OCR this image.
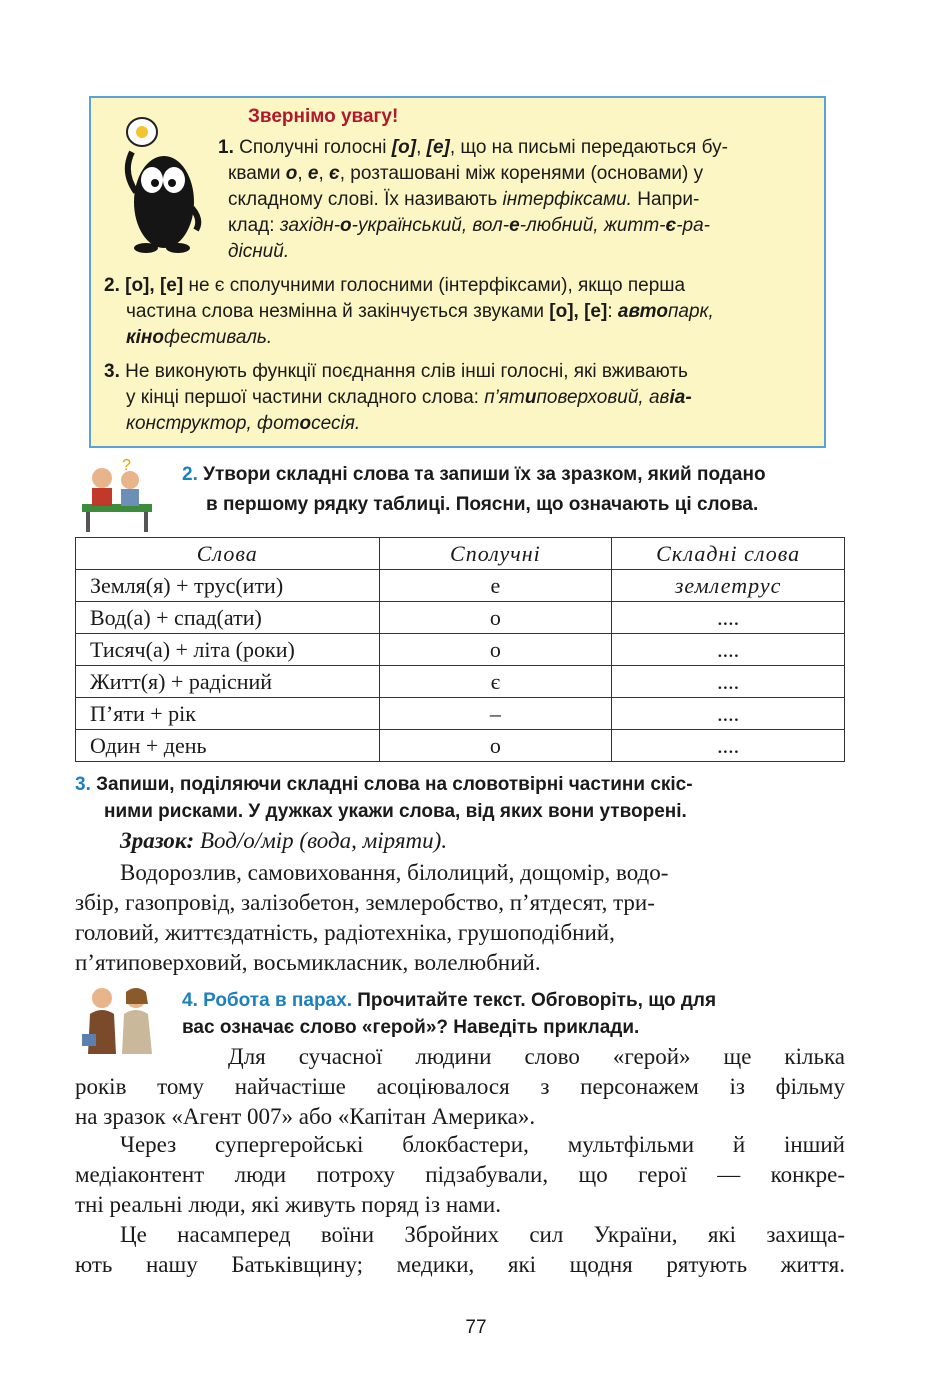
Звернімо увагу!
1. Сполучні голосні [о], [е], що на письмі передаються бу-
квами о, е, є, розташовані між коренями (основами) у
складному слові. Їх називають інтерфіксами. Напри-
клад: західн-о-український, вол-е-любний, житт-є-ра-
дісний.
2. [о], [е] не є сполучними голосними (інтерфіксами), якщо перша
частина слова незмінна й закінчується звуками [о], [е]: автопарк,
кінофестиваль.
3. Не виконують функції поєднання слів інші голосні, які вживають
у кінці першої частини складного слова: п’ятиповерховий, авіа-
конструктор, фотосесія.
?	2. Утвори складні слова та запиши їх за зразком, який подано
в першому рядку таблиці. Поясни, що означають ці слова.
Слова	Сполучні	Складні слова
Земля(я) + трус(ити)	е	землетрус
Вод(а) + спад(ати)	о	....
Тисяч(а) + літа (роки)	о	....
Житт(я) + радісний	є	....
П’яти + рік	–	....
Один + день	о	....
3. Запиши, поділяючи складні слова на словотвірні частини скіс-
ними рисками. У дужках укажи слова, від яких вони утворені.
Зразок: Вод/о/мір (вода, міряти).
Водорозлив, самовиховання, білолиций, дощомір, водо-
збір, газопровід, залізобетон, землеробство, п’ятдесят, три-
головий, життєздатність, радіотехніка, грушоподібний,
п’ятиповерховий, восьмикласник, волелюбний.
4. Робота в парах. Прочитайте текст. Обговоріть, що для
вас означає слово «герой»? Наведіть приклади.
Для сучасної людини слово «герой» ще кілька
років тому найчастіше асоціювалося з персонажем із фільму
на зразок «Агент 007» або «Капітан Америка».
Через супергеройські блокбастери, мультфільми й інший
медіаконтент люди потроху підзабували, що герої — конкре-
тні реальні люди, які живуть поряд із нами.
Це насамперед воїни Збройних сил України, які захища-
ють нашу Батьківщину; медики, які щодня рятують життя.
77
